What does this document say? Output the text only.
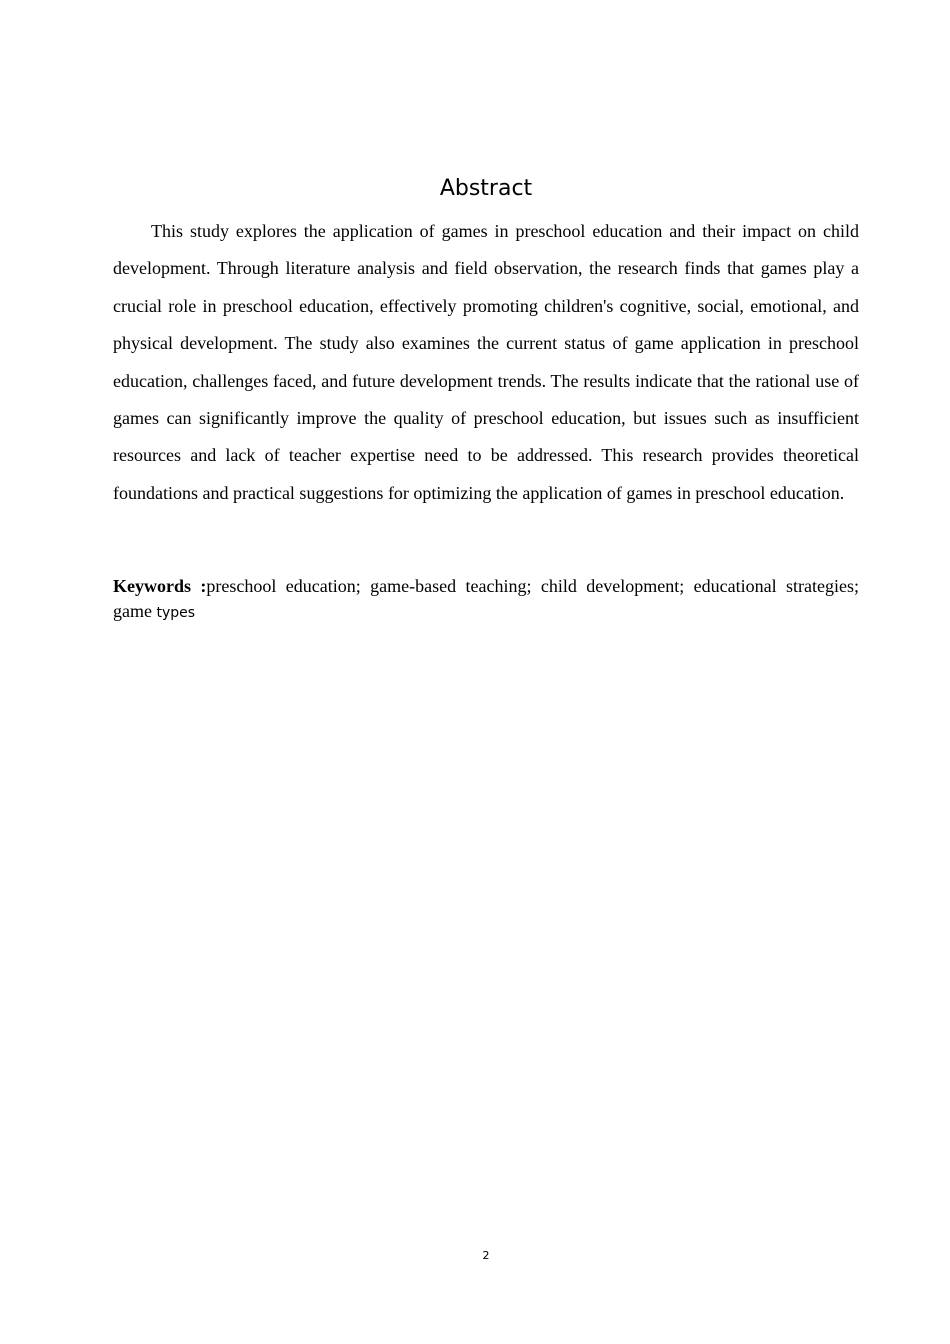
Abstract

This study explores the application of games in preschool education and their impact on child development. Through literature analysis and field observation, the research finds that games play a crucial role in preschool education, effectively promoting children's cognitive, social, emotional, and physical development. The study also examines the current status of game application in preschool education, challenges faced, and future development trends. The results indicate that the rational use of games can significantly improve the quality of preschool education, but issues such as insufficient resources and lack of teacher expertise need to be addressed. This research provides theoretical foundations and practical suggestions for optimizing the application of games in preschool education.

Keywords :preschool education; game-based teaching; child development; educational strategies; game types

2
